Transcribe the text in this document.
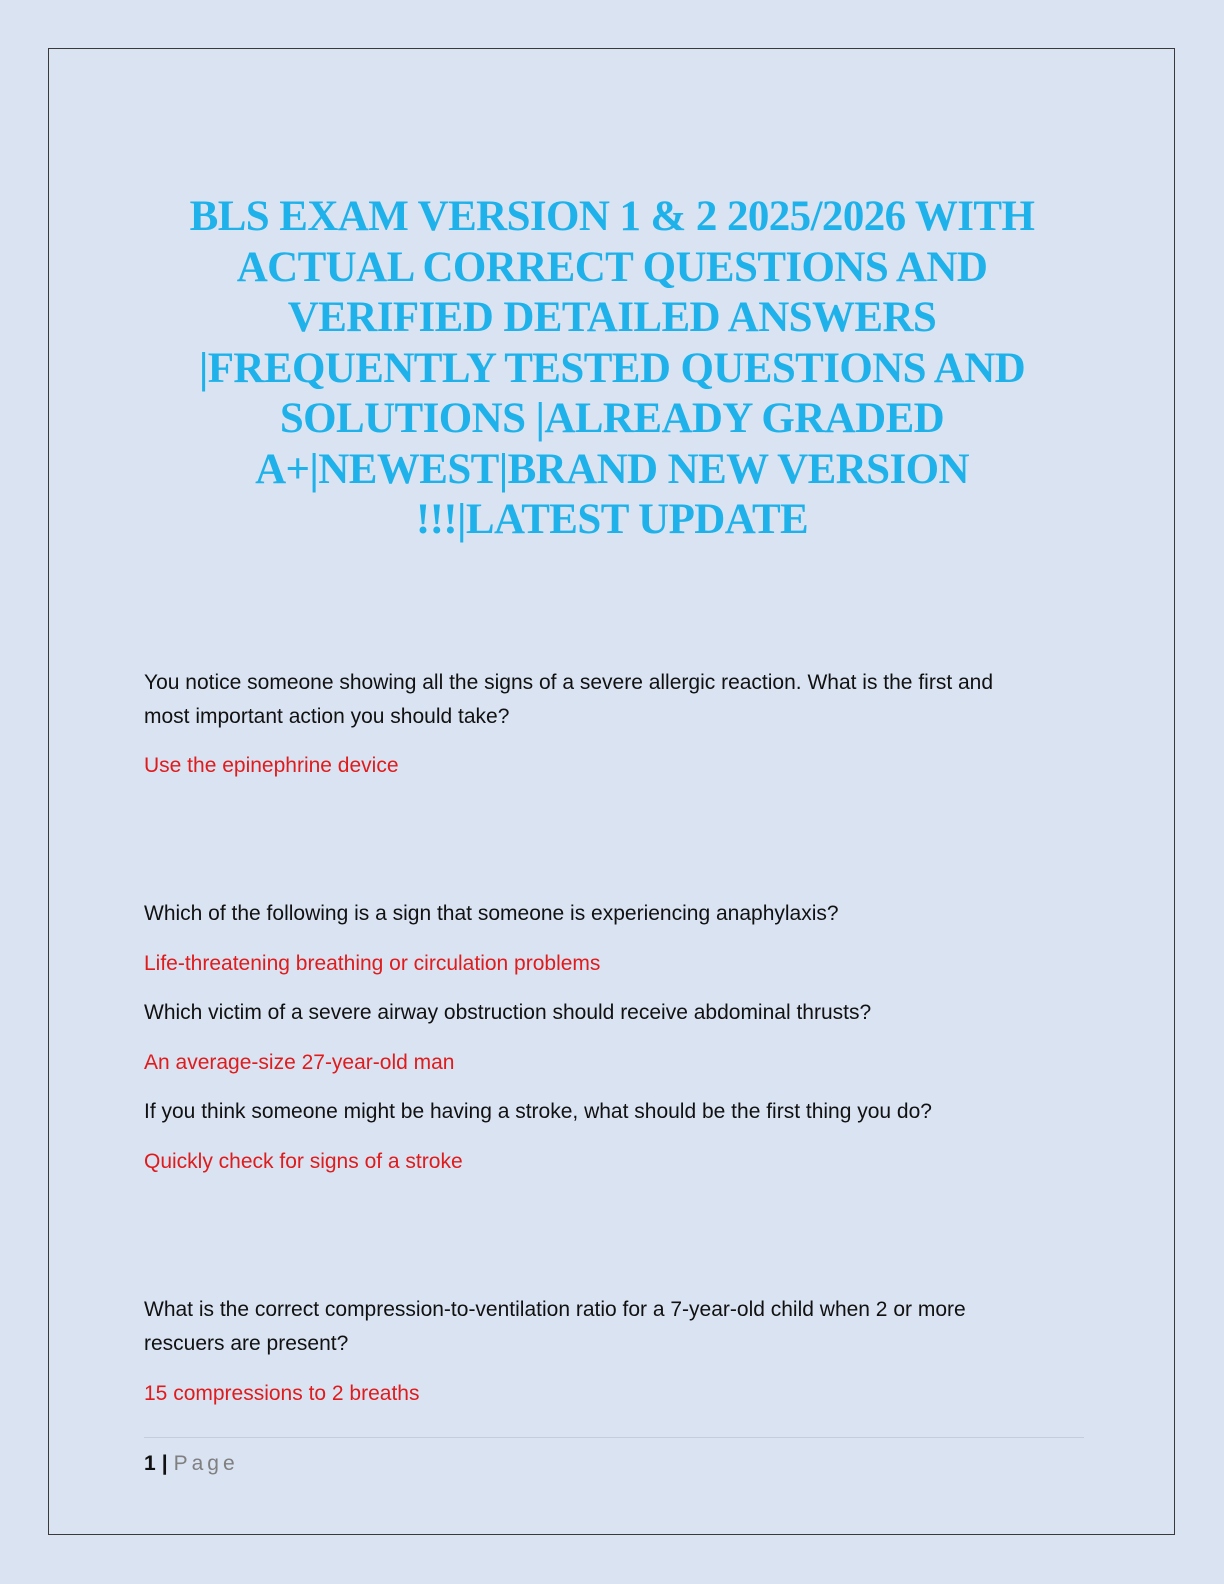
BLS EXAM VERSION 1 & 2 2025/2026 WITH
ACTUAL CORRECT QUESTIONS AND
VERIFIED DETAILED ANSWERS
|FREQUENTLY TESTED QUESTIONS AND
SOLUTIONS |ALREADY GRADED
A+|NEWEST|BRAND NEW VERSION
!!!|LATEST UPDATE

You notice someone showing all the signs of a severe allergic reaction. What is the first and

most important action you should take?

Use the epinephrine device

Which of the following is a sign that someone is experiencing anaphylaxis?

Life-threatening breathing or circulation problems

Which victim of a severe airway obstruction should receive abdominal thrusts?

An average-size 27-year-old man

If you think someone might be having a stroke, what should be the first thing you do?

Quickly check for signs of a stroke

What is the correct compression-to-ventilation ratio for a 7-year-old child when 2 or more

rescuers are present?

15 compressions to 2 breaths

1 | Page
